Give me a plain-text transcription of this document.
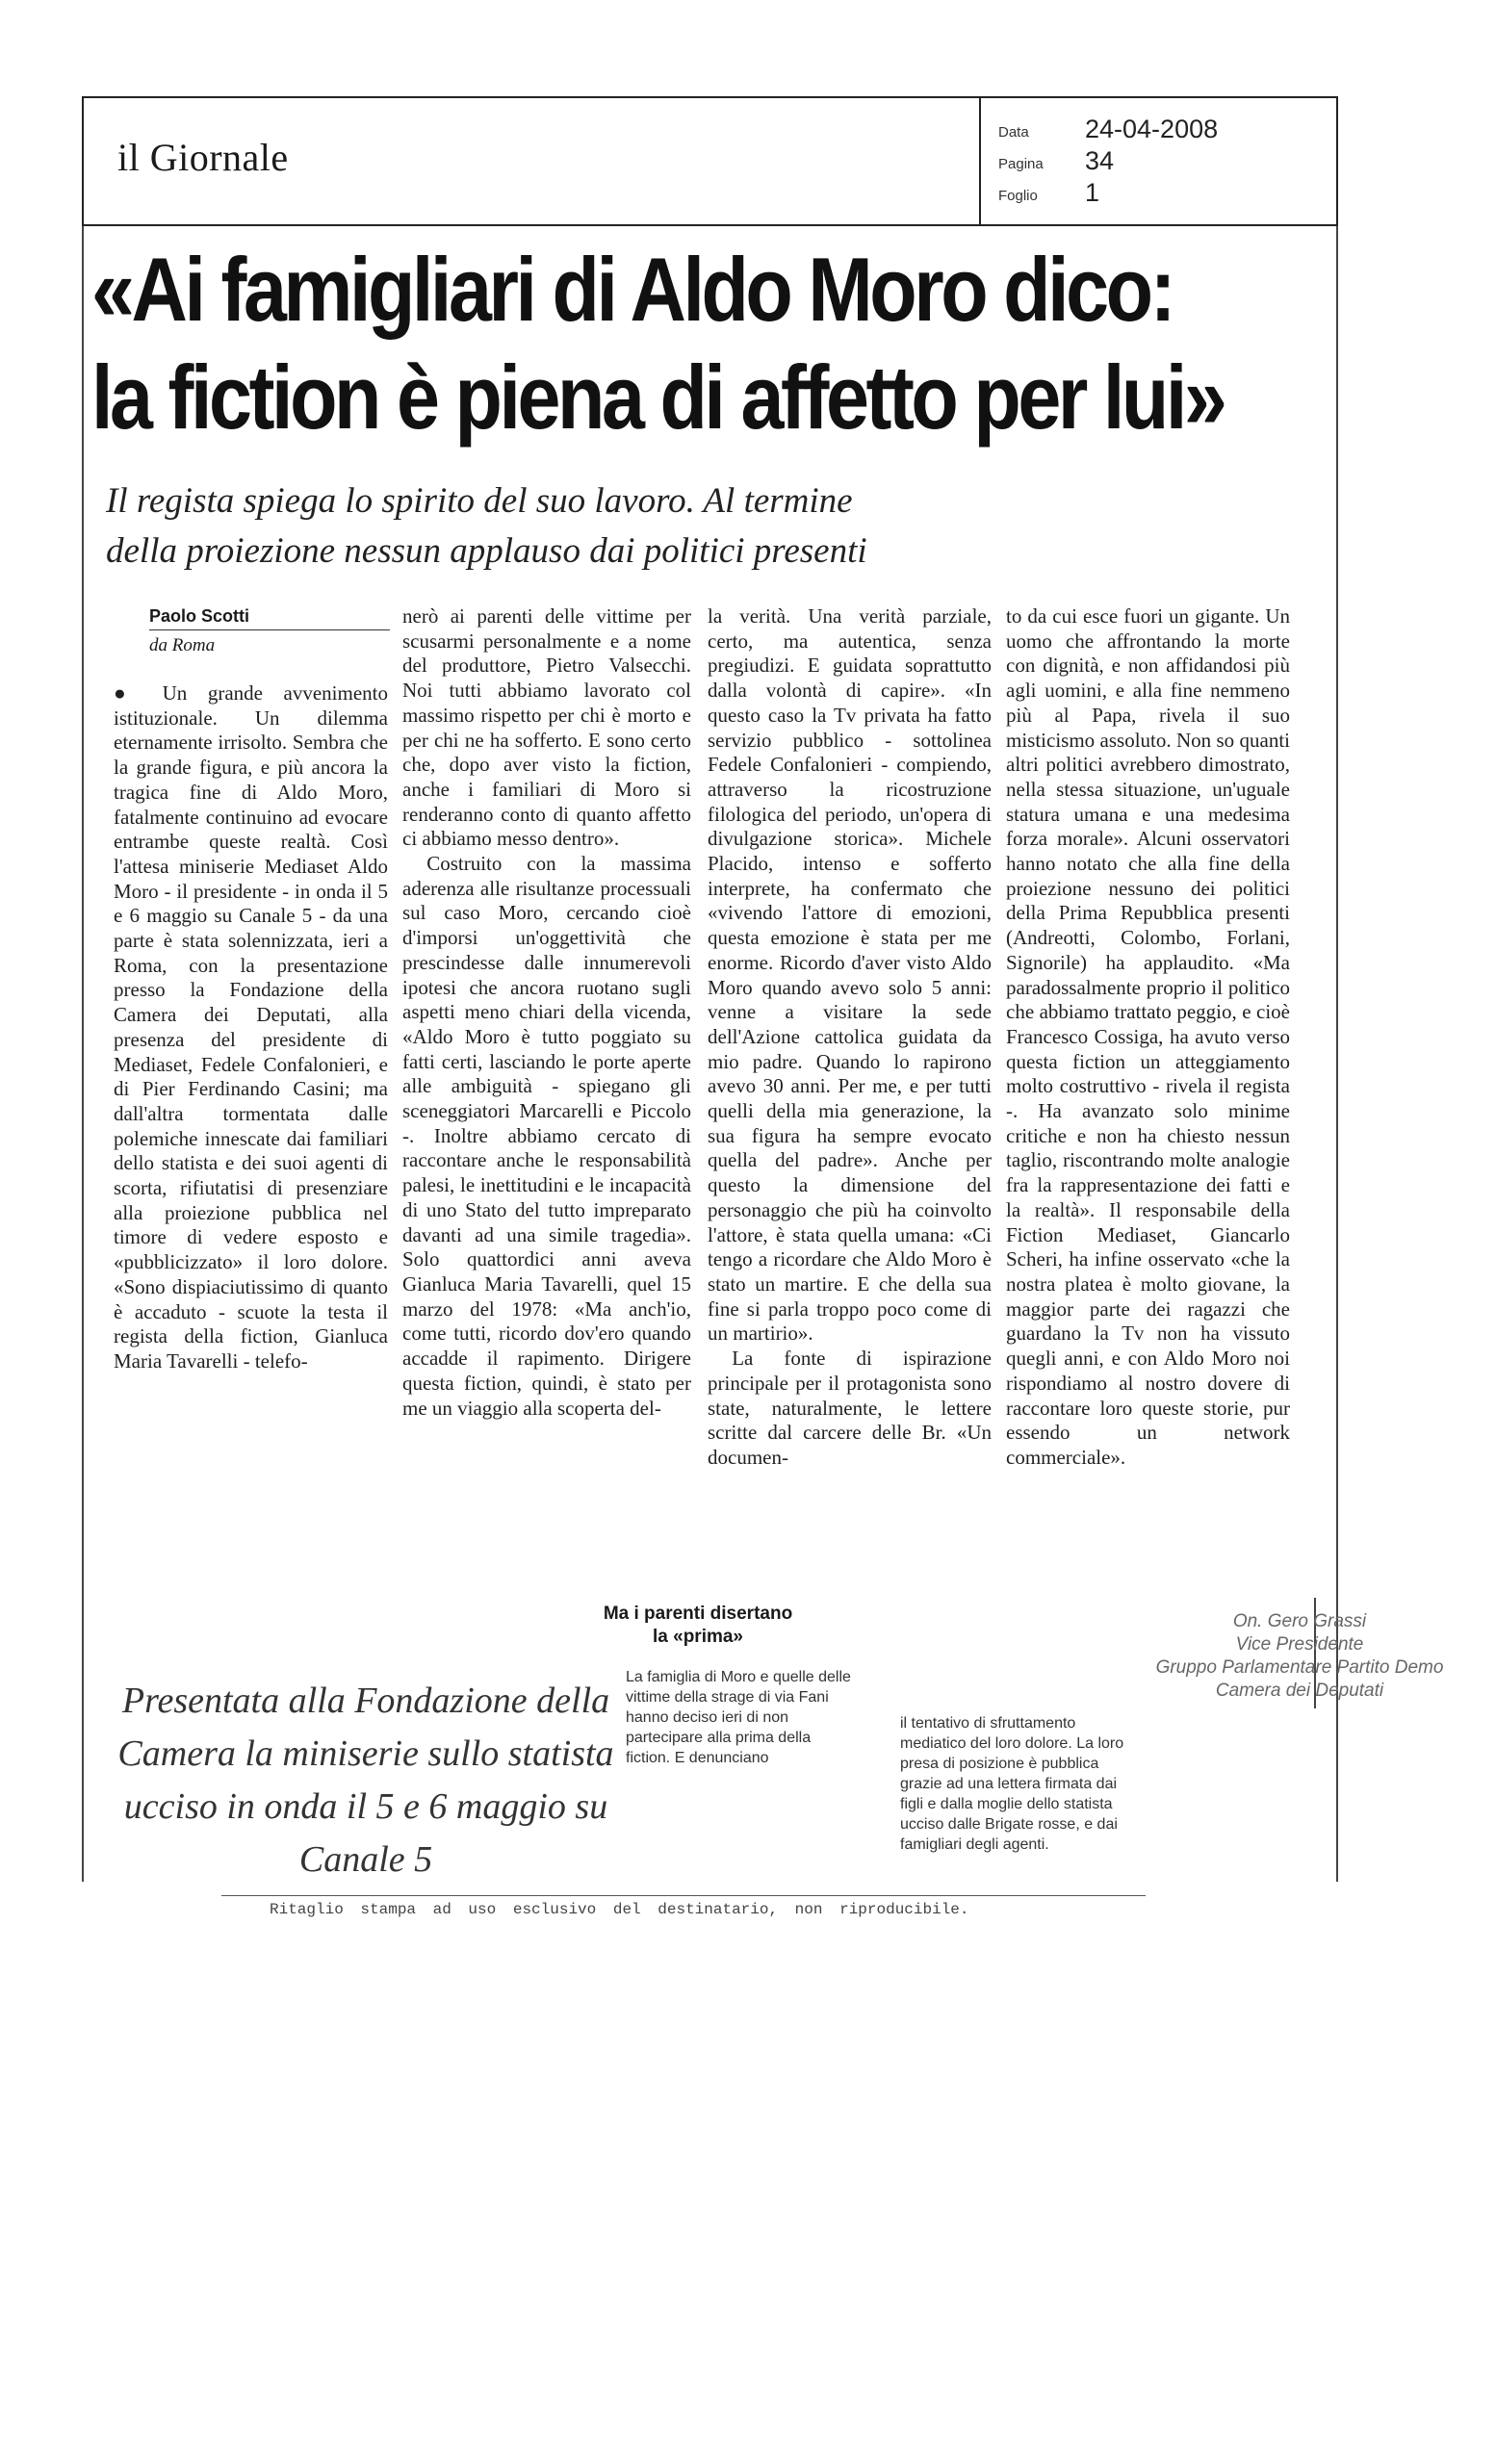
il Giornale
Data 24-04-2008
Pagina 34
Foglio 1
«Ai famigliari di Aldo Moro dico:
la fiction è piena di affetto per lui»
Il regista spiega lo spirito del suo lavoro. Al termine
della proiezione nessun applauso dai politici presenti
Paolo Scotti
da Roma

● Un grande avvenimento istituzionale. Un dilemma eternamente irrisolto. Sembra che la grande figura, e più ancora la tragica fine di Aldo Moro, fatalmente continuino ad evocare entrambe queste realtà. Così l'attesa miniserie Mediaset Aldo Moro - il presidente - in onda il 5 e 6 maggio su Canale 5 - da una parte è stata solennizzata, ieri a Roma, con la presentazione presso la Fondazione della Camera dei Deputati, alla presenza del presidente di Mediaset, Fedele Confalonieri, e di Pier Ferdinando Casini; ma dall'altra tormentata dalle polemiche innescate dai familiari dello statista e dei suoi agenti di scorta, rifiutatisi di presenziare alla proiezione pubblica nel timore di vedere esposto e «pubblicizzato» il loro dolore. «Sono dispiaciutissimo di quanto è accaduto - scuote la testa il regista della fiction, Gianluca Maria Tavarelli - telefo-

nerò ai parenti delle vittime per scusarmi personalmente e a nome del produttore, Pietro Valsecchi. Noi tutti abbiamo lavorato col massimo rispetto per chi è morto e per chi ne ha sofferto. E sono certo che, dopo aver visto la fiction, anche i familiari di Moro si renderanno conto di quanto affetto ci abbiamo messo dentro».

Costruito con la massima aderenza alle risultanze processuali sul caso Moro, cercando cioè d'imporsi un'oggettività che prescindesse dalle innumerevoli ipotesi che ancora ruotano sugli aspetti meno chiari della vicenda, «Aldo Moro è tutto poggiato su fatti certi, lasciando le porte aperte alle ambiguità - spiegano gli sceneggiatori Marcarelli e Piccolo -. Inoltre abbiamo cercato di raccontare anche le responsabilità palesi, le inettitudini e le incapacità di uno Stato del tutto impreparato davanti ad una simile tragedia». Solo quattordici anni aveva Gianluca Maria Tavarelli, quel 15 marzo del 1978: «Ma anch'io, come tutti, ricordo dov'ero quando accadde il rapimento. Dirigere questa fiction, quindi, è stato per me un viaggio alla scoperta del-

la verità. Una verità parziale, certo, ma autentica, senza pregiudizi. E guidata soprattutto dalla volontà di capire». «In questo caso la Tv privata ha fatto servizio pubblico - sottolinea Fedele Confalonieri - compiendo, attraverso la ricostruzione filologica del periodo, un'opera di divulgazione storica». Michele Placido, intenso e sofferto interprete, ha confermato che «vivendo l'attore di emozioni, questa emozione è stata per me enorme. Ricordo d'aver visto Aldo Moro quando avevo solo 5 anni: venne a visitare la sede dell'Azione cattolica guidata da mio padre. Quando lo rapirono avevo 30 anni. Per me, e per tutti quelli della mia generazione, la sua figura ha sempre evocato quella del padre». Anche per questo la dimensione del personaggio che più ha coinvolto l'attore, è stata quella umana: «Ci tengo a ricordare che Aldo Moro è stato un martire. E che della sua fine si parla troppo poco come di un martirio».

La fonte di ispirazione principale per il protagonista sono state, naturalmente, le lettere scritte dal carcere delle Br. «Un documen-

to da cui esce fuori un gigante. Un uomo che affrontando la morte con dignità, e non affidandosi più agli uomini, e alla fine nemmeno più al Papa, rivela il suo misticismo assoluto. Non so quanti altri politici avrebbero dimostrato, nella stessa situazione, un'uguale statura umana e una medesima forza morale». Alcuni osservatori hanno notato che alla fine della proiezione nessuno dei politici della Prima Repubblica presenti (Andreotti, Colombo, Forlani, Signorile) ha applaudito. «Ma paradossalmente proprio il politico che abbiamo trattato peggio, e cioè Francesco Cossiga, ha avuto verso questa fiction un atteggiamento molto costruttivo - rivela il regista -. Ha avanzato solo minime critiche e non ha chiesto nessun taglio, riscontrando molte analogie fra la rappresentazione dei fatti e la realtà». Il responsabile della Fiction Mediaset, Giancarlo Scheri, ha infine osservato «che la nostra platea è molto giovane, la maggior parte dei ragazzi che guardano la Tv non ha vissuto quegli anni, e con Aldo Moro noi rispondiamo al nostro dovere di raccontare loro queste storie, pur essendo un network commerciale».

Ma i parenti disertano
la «prima»
Presentata alla Fondazione della Camera la miniserie sullo statista ucciso in onda il 5 e 6 maggio su Canale 5
La famiglia di Moro e quelle delle vittime della strage di via Fani hanno deciso ieri di non partecipare alla prima della fiction. E denunciano
il tentativo di sfruttamento mediatico del loro dolore. La loro presa di posizione è pubblica grazie ad una lettera firmata dai figli e dalla moglie dello statista ucciso dalle Brigate rosse, e dai famigliari degli agenti.
Ritaglio stampa ad uso esclusivo del destinatario, non riproducibile.
On. Gero Grassi
Vice Presidente
Gruppo Parlamentare Partito Demo
Camera dei Deputati
